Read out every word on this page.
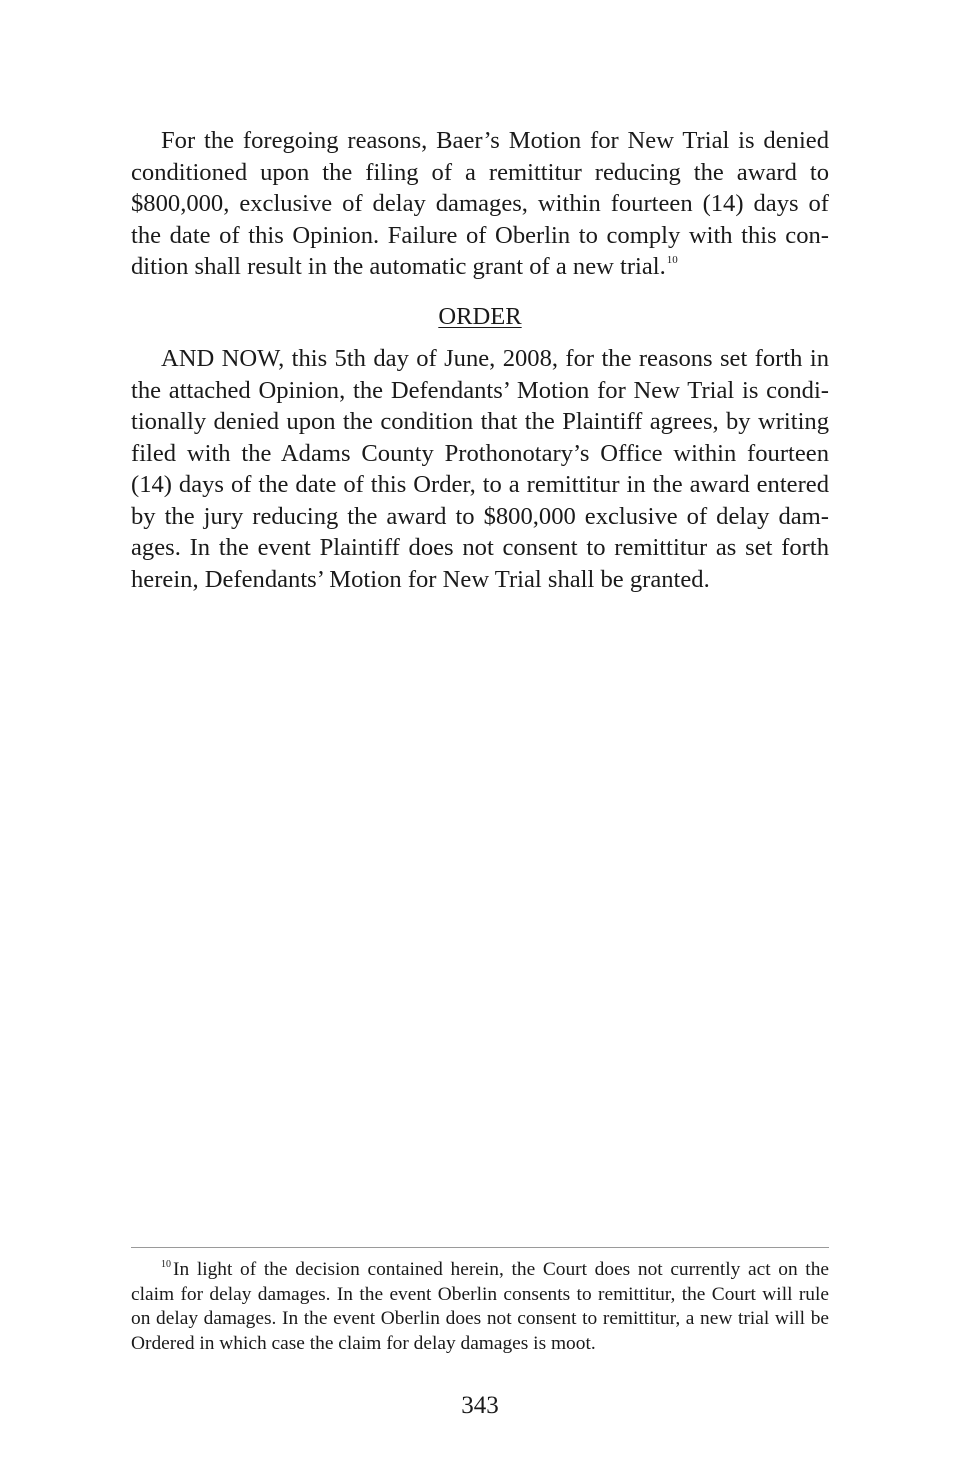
For the foregoing reasons, Baer’s Motion for New Trial is denied conditioned upon the filing of a remittitur reducing the award to $800,000, exclusive of delay damages, within fourteen (14) days of the date of this Opinion. Failure of Oberlin to comply with this condition shall result in the automatic grant of a new trial.$^{10}$

ORDER

AND NOW, this 5th day of June, 2008, for the reasons set forth in the attached Opinion, the Defendants’ Motion for New Trial is conditionally denied upon the condition that the Plaintiff agrees, by writing filed with the Adams County Prothonotary’s Office within fourteen (14) days of the date of this Order, to a remittitur in the award entered by the jury reducing the award to $800,000 exclusive of delay damages. In the event Plaintiff does not consent to remittitur as set forth herein, Defendants’ Motion for New Trial shall be granted.

$^{10}$ In light of the decision contained herein, the Court does not currently act on the claim for delay damages. In the event Oberlin consents to remittitur, the Court will rule on delay damages. In the event Oberlin does not consent to remittitur, a new trial will be Ordered in which case the claim for delay damages is moot.

343
